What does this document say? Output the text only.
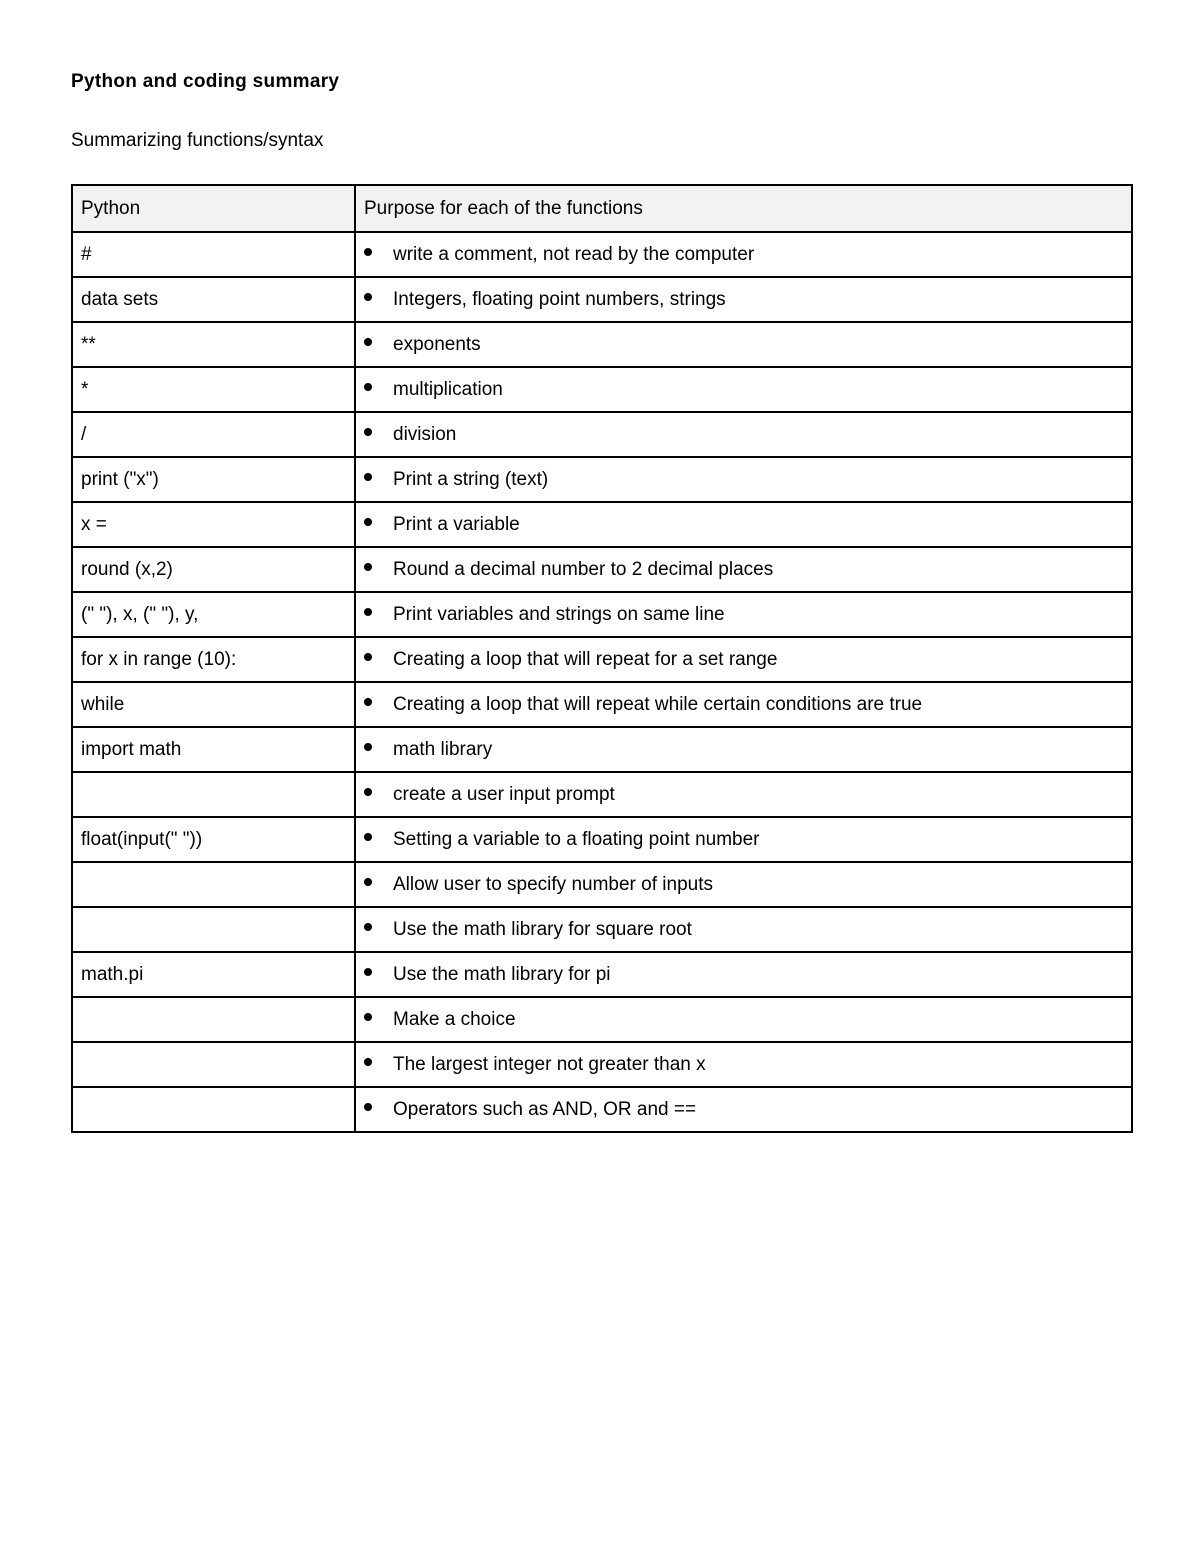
Python and coding summary
Summarizing functions/syntax
Python	Purpose for each of the functions
#	write a comment, not read by the computer
data sets	Integers, floating point numbers, strings
**	exponents
*	multiplication
/	division
print ("x")	Print a string (text)
x =	Print a variable
round (x,2)	Round a decimal number to 2 decimal places
(" "), x, (" "), y,	Print variables and strings on same line
for x in range (10):	Creating a loop that will repeat for a set range
while	Creating a loop that will repeat while certain conditions are true
import math	math library
	create a user input prompt
float(input(" "))	Setting a variable to a floating point number
	Allow user to specify number of inputs
	Use the math library for square root
math.pi	Use the math library for pi
	Make a choice
	The largest integer not greater than x
	Operators such as AND, OR and ==
